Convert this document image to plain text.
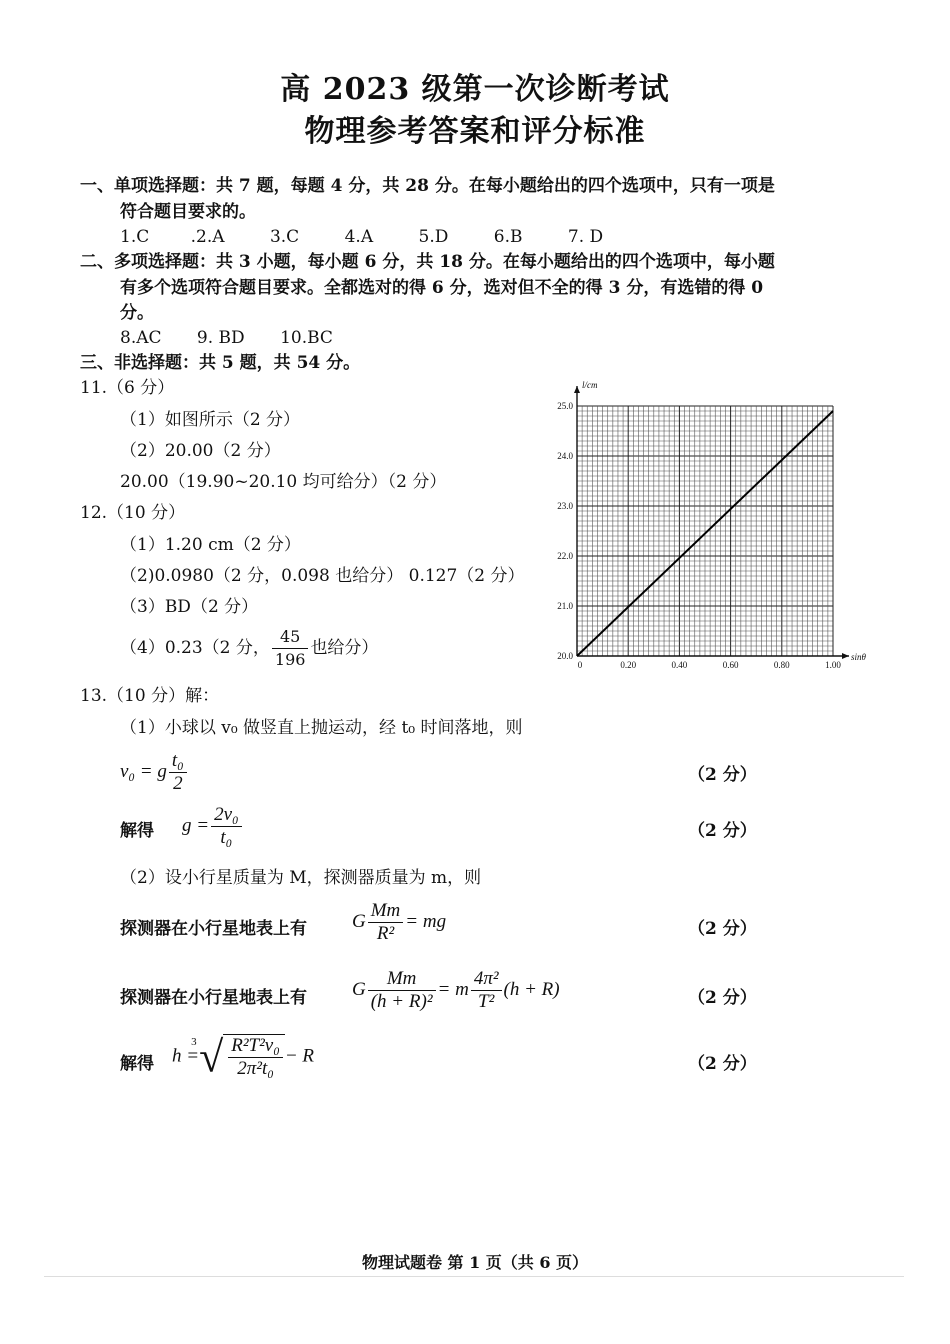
高 2023 级第一次诊断考试
物理参考答案和评分标准
一、单项选择题：共 7 题，每题 4 分，共 28 分。在每小题给出的四个选项中，只有一项是
符合题目要求的。
1.C .2.A	3.C	4.A	5.D	6.B	7. D
二、多项选择题：共 3 小题，每小题 6 分，共 18 分。在每小题给出的四个选项中，每小题
有多个选项符合题目要求。全都选对的得 6 分，选对但不全的得 3 分，有选错的得 0
分。
8.AC 9. BD 10.BC
三、非选择题：共 5 题，共 54 分。
11.（6 分）
（1）如图所示（2 分）
（2）20.00（2 分）
20.00（19.90~20.10 均可给分）（2 分）
12.（10 分）
（1）1.20 cm（2 分）
（2)0.0980（2 分，0.098 也给分） 0.127（2 分）
（3）BD（2 分）
（4）0.23（2 分， $\frac{45}{196}$ 也给分）
0	0.20	0.40	0.60	0.80	1.00
20.0
21.0
22.0
23.0
24.0
25.0
sinθ
l/cm
13.（10 分）解：
（1）小球以 v₀ 做竖直上抛运动，经 t₀ 时间落地，则
v₀ = g $\frac{\text{t₀}}{2}$	（2 分）
解得 $g = \frac{\text{2v₀}}{\text{t₀}}$	（2 分）
（2）设小行星质量为 M，探测器质量为 m，则
探测器在小行星地表上有 G $\frac{Mm}{\text{R²}}$ = mg	（2 分）
探测器在小行星地表上有 G $\frac{Mm}{\text{(h + R)²}} = m \frac{\text{4π²}}{\text{T²}} (h + R)$	（2 分）
解得 h =
3 √ $\frac{\text{R²T²v₀}}{\text{2π²t₀}} - R$	（2 分）
物理试题卷 第 1 页（共 6 页）
